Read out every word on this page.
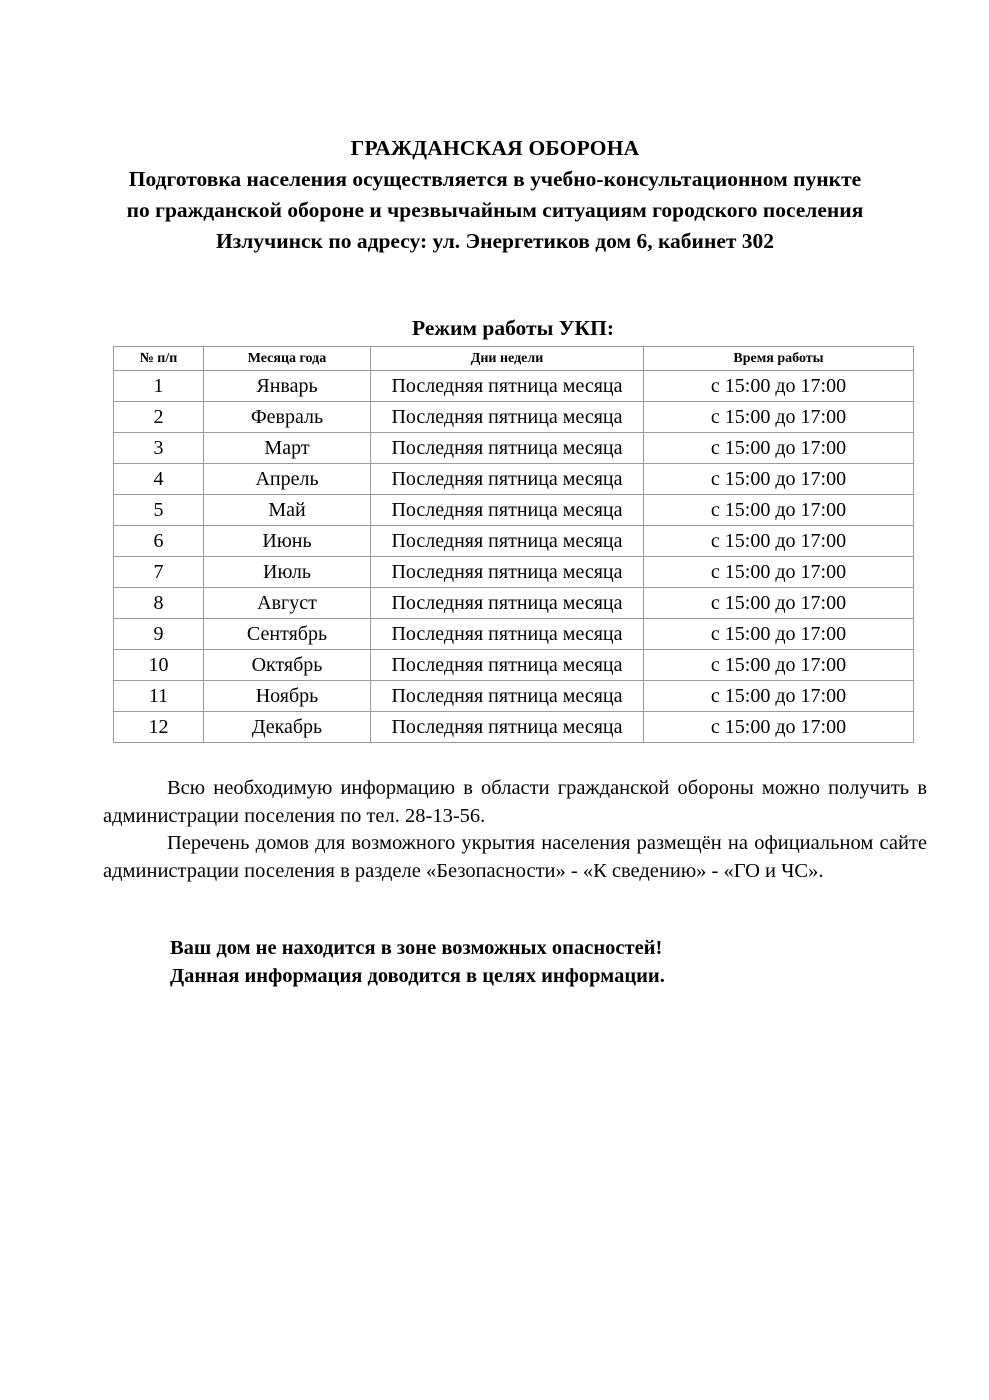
ГРАЖДАНСКАЯ ОБОРОНА
Подготовка населения осуществляется в учебно-консультационном пункте
по гражданской обороне и чрезвычайным ситуациям городского поселения
Излучинск по адресу: ул. Энергетиков дом 6, кабинет 302
Режим работы УКП:
№ п/п	Месяца года	Дни недели	Время работы
1	Январь	Последняя пятница месяца	с 15:00 до 17:00
2	Февраль	Последняя пятница месяца	с 15:00 до 17:00
3	Март	Последняя пятница месяца	с 15:00 до 17:00
4	Апрель	Последняя пятница месяца	с 15:00 до 17:00
5	Май	Последняя пятница месяца	с 15:00 до 17:00
6	Июнь	Последняя пятница месяца	с 15:00 до 17:00
7	Июль	Последняя пятница месяца	с 15:00 до 17:00
8	Август	Последняя пятница месяца	с 15:00 до 17:00
9	Сентябрь	Последняя пятница месяца	с 15:00 до 17:00
10	Октябрь	Последняя пятница месяца	с 15:00 до 17:00
11	Ноябрь	Последняя пятница месяца	с 15:00 до 17:00
12	Декабрь	Последняя пятница месяца	с 15:00 до 17:00

Всю необходимую информацию в области гражданской обороны можно получить в администрации поселения по тел. 28-13-56.

Перечень домов для возможного укрытия населения размещён на официальном сайте администрации поселения в разделе «Безопасности» - «К сведению» - «ГО и ЧС».

Ваш дом не находится в зоне возможных опасностей!

Данная информация доводится в целях информации.
